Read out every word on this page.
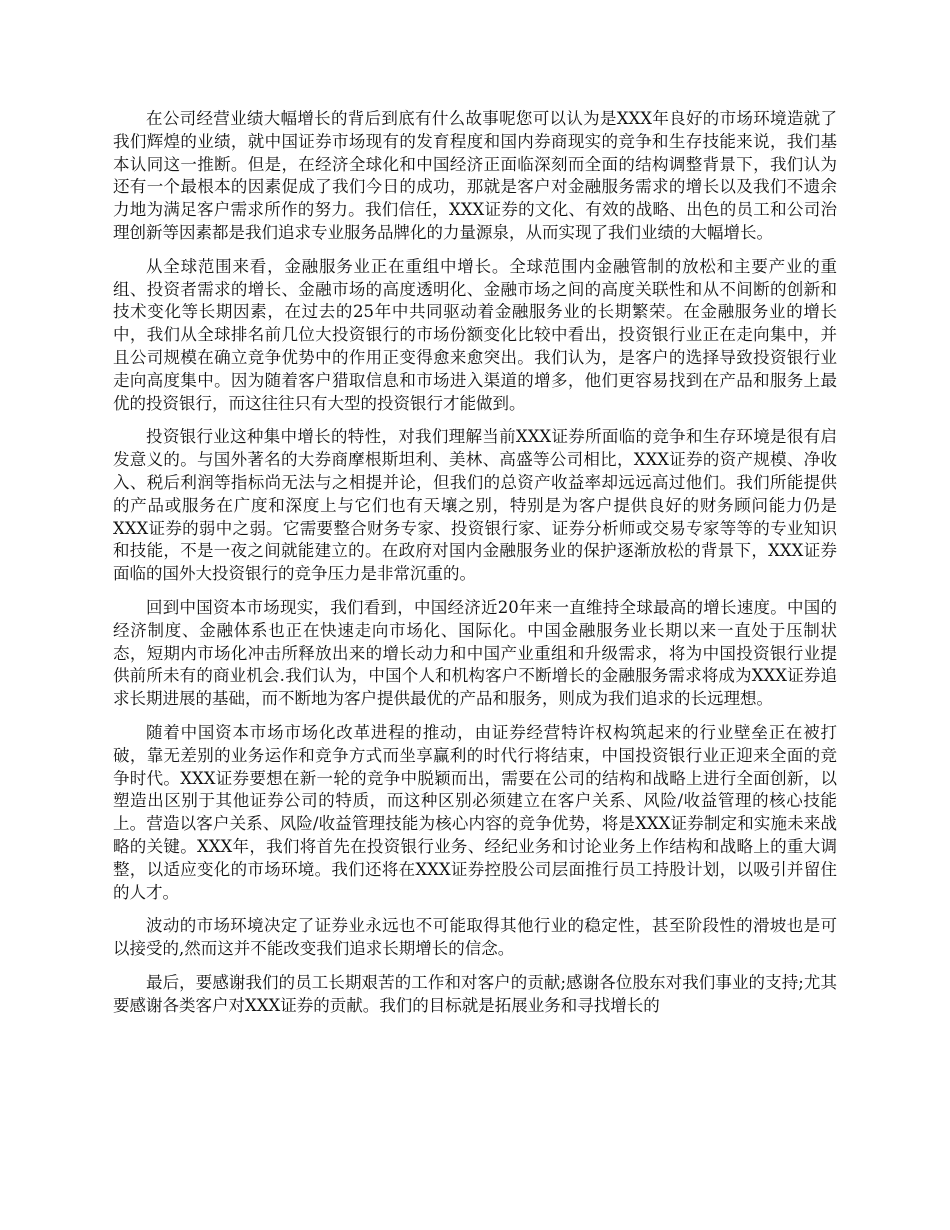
在公司经营业绩大幅增长的背后到底有什么故事呢您可以认为是XXX年良好的市场环境造就了我们辉煌的业绩，就中国证券市场现有的发育程度和国内券商现实的竞争和生存技能来说，我们基本认同这一推断。但是，在经济全球化和中国经济正面临深刻而全面的结构调整背景下，我们认为还有一个最根本的因素促成了我们今日的成功，那就是客户对金融服务需求的增长以及我们不遗余力地为满足客户需求所作的努力。我们信任，XXX证券的文化、有效的战略、出色的员工和公司治理创新等因素都是我们追求专业服务品牌化的力量源泉，从而实现了我们业绩的大幅增长。

从全球范围来看，金融服务业正在重组中增长。全球范围内金融管制的放松和主要产业的重组、投资者需求的增长、金融市场的高度透明化、金融市场之间的高度关联性和从不间断的创新和技术变化等长期因素，在过去的25年中共同驱动着金融服务业的长期繁荣。在金融服务业的增长中，我们从全球排名前几位大投资银行的市场份额变化比较中看出，投资银行业正在走向集中，并且公司规模在确立竞争优势中的作用正变得愈来愈突出。我们认为，是客户的选择导致投资银行业走向高度集中。因为随着客户猎取信息和市场进入渠道的增多，他们更容易找到在产品和服务上最优的投资银行，而这往往只有大型的投资银行才能做到。

投资银行业这种集中增长的特性，对我们理解当前XXX证券所面临的竞争和生存环境是很有启发意义的。与国外著名的大券商摩根斯坦利、美林、高盛等公司相比，XXX证券的资产规模、净收入、税后利润等指标尚无法与之相提并论，但我们的总资产收益率却远远高过他们。我们所能提供的产品或服务在广度和深度上与它们也有天壤之别，特别是为客户提供良好的财务顾问能力仍是XXX证券的弱中之弱。它需要整合财务专家、投资银行家、证券分析师或交易专家等等的专业知识和技能，不是一夜之间就能建立的。在政府对国内金融服务业的保护逐渐放松的背景下，XXX证券面临的国外大投资银行的竞争压力是非常沉重的。

回到中国资本市场现实，我们看到，中国经济近20年来一直维持全球最高的增长速度。中国的经济制度、金融体系也正在快速走向市场化、国际化。中国金融服务业长期以来一直处于压制状态，短期内市场化冲击所释放出来的增长动力和中国产业重组和升级需求，将为中国投资银行业提供前所未有的商业机会.我们认为，中国个人和机构客户不断增长的金融服务需求将成为XXX证券追求长期进展的基础，而不断地为客户提供最优的产品和服务，则成为我们追求的长远理想。

随着中国资本市场市场化改革进程的推动，由证券经营特许权构筑起来的行业壁垒正在被打破，靠无差别的业务运作和竞争方式而坐享赢利的时代行将结束，中国投资银行业正迎来全面的竞争时代。XXX证券要想在新一轮的竞争中脱颖而出，需要在公司的结构和战略上进行全面创新，以塑造出区别于其他证券公司的特质，而这种区别必须建立在客户关系、风险/收益管理的核心技能上。营造以客户关系、风险/收益管理技能为核心内容的竞争优势，将是XXX证券制定和实施未来战略的关键。XXX年，我们将首先在投资银行业务、经纪业务和讨论业务上作结构和战略上的重大调整，以适应变化的市场环境。我们还将在XXX证券控股公司层面推行员工持股计划，以吸引并留住的人才。

波动的市场环境决定了证券业永远也不可能取得其他行业的稳定性，甚至阶段性的滑坡也是可以接受的,然而这并不能改变我们追求长期增长的信念。

最后，要感谢我们的员工长期艰苦的工作和对客户的贡献;感谢各位股东对我们事业的支持;尤其要感谢各类客户对XXX证券的贡献。我们的目标就是拓展业务和寻找增长的
